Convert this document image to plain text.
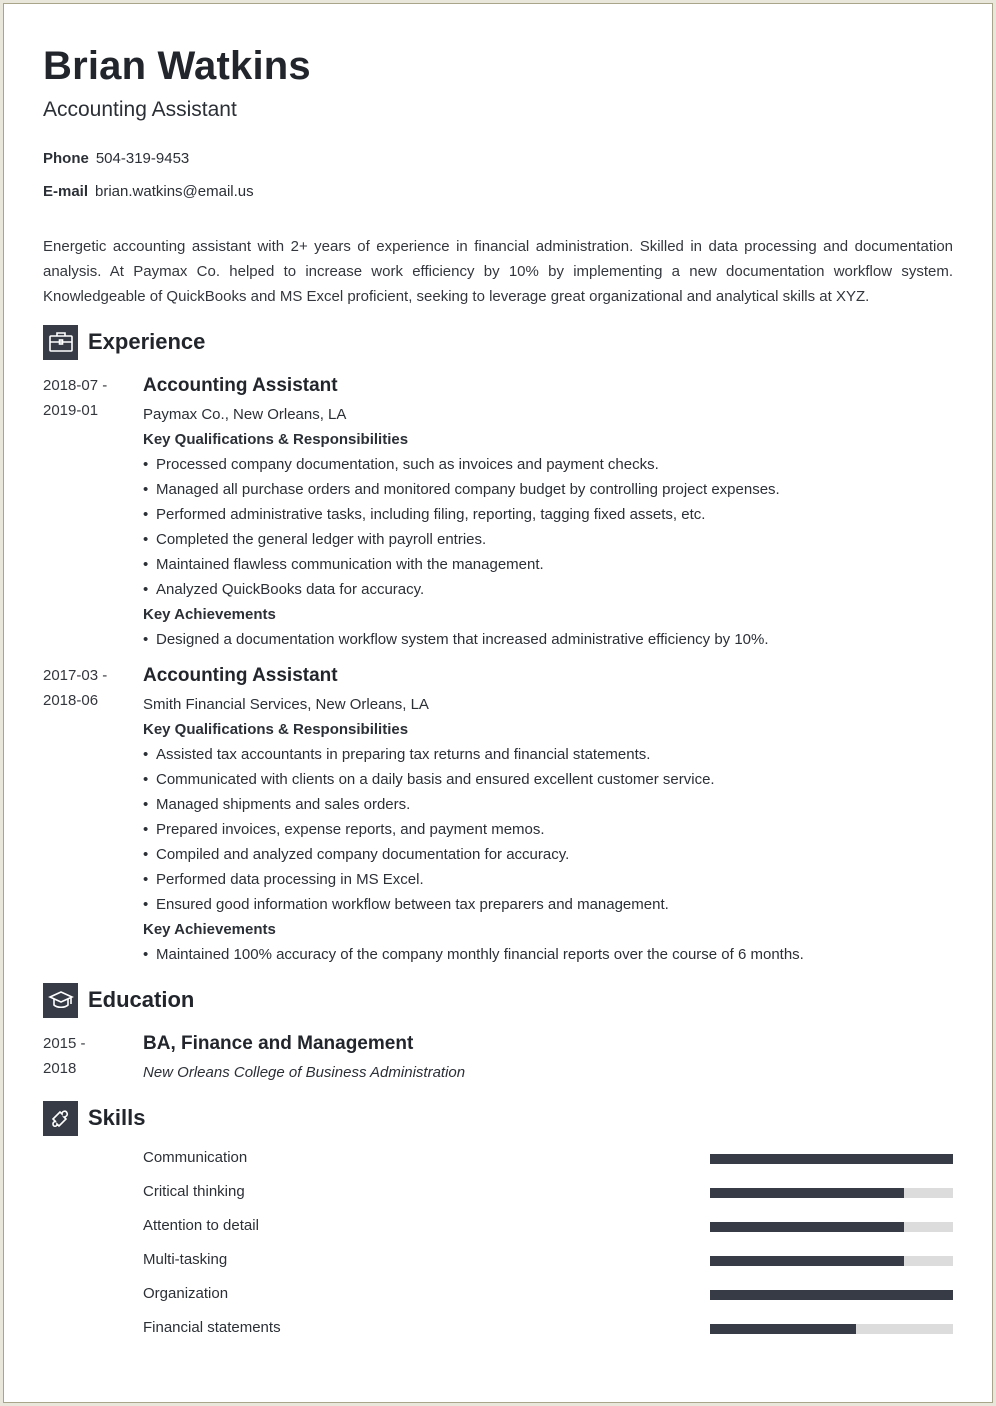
Brian Watkins
Accounting Assistant
Phone 504-319-9453
E-mail brian.watkins@email.us

Energetic accounting assistant with 2+ years of experience in financial administration. Skilled in data processing and documentation analysis. At Paymax Co. helped to increase work efficiency by 10% by implementing a new documentation workflow system. Knowledgeable of QuickBooks and MS Excel proficient, seeking to leverage great organizational and analytical skills at XYZ.

Experience
2018-07 -
2019-01
Accounting Assistant
Paymax Co., New Orleans, LA
Key Qualifications & Responsibilities
• Processed company documentation, such as invoices and payment checks.
• Managed all purchase orders and monitored company budget by controlling project expenses.
• Performed administrative tasks, including filing, reporting, tagging fixed assets, etc.
• Completed the general ledger with payroll entries.
• Maintained flawless communication with the management.
• Analyzed QuickBooks data for accuracy.
Key Achievements
• Designed a documentation workflow system that increased administrative efficiency by 10%.
2017-03 -
2018-06
Accounting Assistant
Smith Financial Services, New Orleans, LA
Key Qualifications & Responsibilities
• Assisted tax accountants in preparing tax returns and financial statements.
• Communicated with clients on a daily basis and ensured excellent customer service.
• Managed shipments and sales orders.
• Prepared invoices, expense reports, and payment memos.
• Compiled and analyzed company documentation for accuracy.
• Performed data processing in MS Excel.
• Ensured good information workflow between tax preparers and management.
Key Achievements
• Maintained 100% accuracy of the company monthly financial reports over the course of 6 months.
Education
2015 -
2018
BA, Finance and Management
New Orleans College of Business Administration
Skills
Communication
Critical thinking
Attention to detail
Multi-tasking
Organization
Financial statements
